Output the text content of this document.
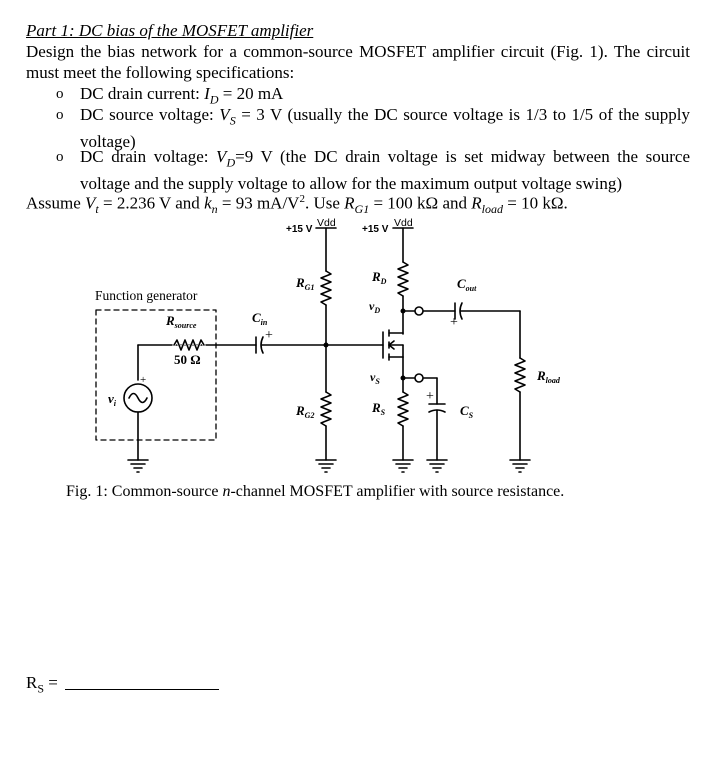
Part 1: DC bias of the MOSFET amplifier
Design the bias network for a common-source MOSFET amplifier circuit (Fig. 1). The circuit must meet the following specifications:
o DC drain current: $I_D = 20$ mA
o DC source voltage: $V_S = 3$ V (usually the DC source voltage is 1/3 to 1/5 of the supply voltage)
o DC drain voltage: $V_D=9$ V (the DC drain voltage is set midway between the source voltage and the supply voltage to allow for the maximum output voltage swing)
Assume $V_t = 2.236$ V and $k_n = 93$ $mA/V^2$. Use $R_{G1} = 100$ kΩ and $R_{load} = 10$ kΩ.
+15 V	+15 V
Vdd	Vdd
Function generator
$R_{source}$
50 Ω
$v_i$
+
$C_{in}$
+
$R_{G1}$
$R_{G2}$
$R_D$
$v_D$
$v_S$
$R_S$
$C_{out}$
+
$C_S$
+
$R_{load}$
Fig. 1: Common-source n-channel MOSFET amplifier with source resistance.
$R_S$ =
